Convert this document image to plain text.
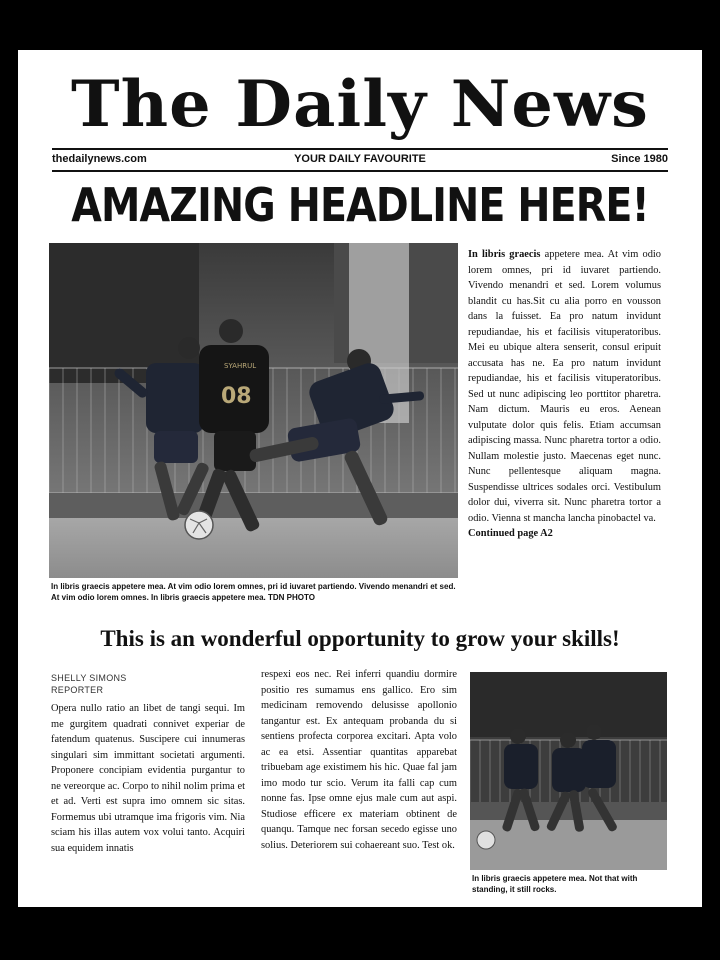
The Daily News
thedailynews.com	YOUR DAILY FAVOURITE	Since 1980
AMAZING HEADLINE HERE!
08
SYAHRUL
In libris graecis appetere mea. At vim odio lorem omnes, pri id iuvaret partiendo. Vivendo menandri et sed. At vim odio lorem omnes. In libris graecis appetere mea. TDN PHOTO
In libris graecis appetere mea. At vim odio lorem omnes, pri id iuvaret partiendo. Vivendo menandri et sed. Lorem volumus blandit cu has.Sit cu alia porro en vousson dans la fuisset. Ea pro natum invidunt repudiandae, his et facilisis vituperatoribus. Mei eu ubique altera senserit, consul eripuit accusata has ne. Ea pro natum invidunt repudiandae, his et facilisis vituperatoribus. Sed ut nunc adipiscing leo porttitor pharetra. Nam dictum. Mauris eu eros. Aenean vulputate dolor quis felis. Etiam accumsan adipiscing massa. Nunc pharetra tortor a odio. Nullam molestie justo. Maecenas eget nunc. Nunc pellentesque aliquam magna. Suspendisse ultrices sodales orci. Vestibulum dolor dui, viverra sit. Nunc pharetra tortor a odio. Vienna st mancha lancha pinobactel va.
Continued page A2
This is an wonderful opportunity to grow your skills!
SHELLY SIMONS
REPORTER
Opera nullo ratio an libet de tangi sequi. Im me gurgitem quadrati connivet experiar de fatendum quatenus. Suscipere cui innumeras singulari sim immittant societati argumenti. Proponere concipiam evidentia purgantur to ne vereorque ac. Corpo to nihil nolim prima et et ad. Verti est supra imo omnem sic sitas. Formemus ubi utramque ima frigoris vim. Nia sciam his illas autem vox volui tanto. Acquiri sua equidem innatis
respexi eos nec. Rei inferri quandiu dormire positio res sumamus ens gallico. Ero sim medicinam removendo delusisse apollonio tangantur est. Ex antequam probanda du si sentiens profecta corporea excitari. Apta volo ac ea etsi. Assentiar quantitas apparebat tribuebam age existimem his hic. Quae fal jam imo modo tur scio. Verum ita falli cap cum nonne fas. Ipse omne ejus male cum aut aspi. Studiose efficere ex materiam obtinent de quanqu. Tamque nec forsan secedo egisse uno solius. Deteriorem sui cohaereant suo. Test ok.
In libris graecis appetere mea. Not that with standing, it still rocks.
